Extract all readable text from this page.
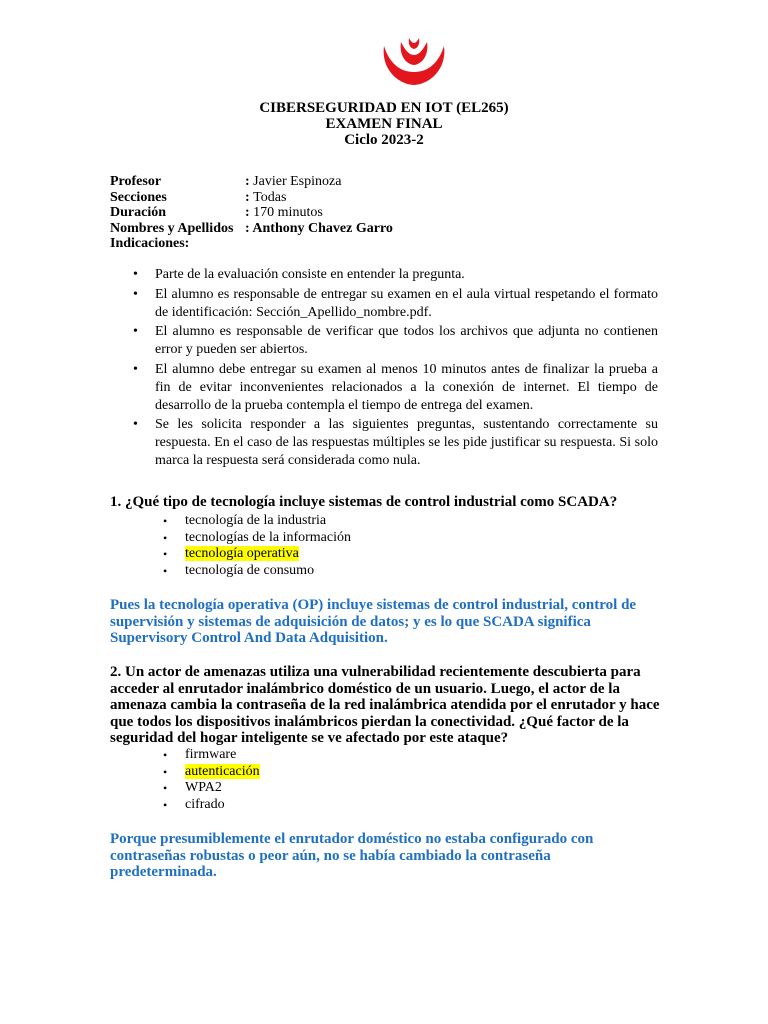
CIBERSEGURIDAD EN IOT (EL265)
EXAMEN FINAL
Ciclo 2023-2
Profesor	: Javier Espinoza
Secciones	: Todas
Duración	: 170 minutos
Nombres y Apellidos	: Anthony Chavez Garro
Indicaciones:
• Parte de la evaluación consiste en entender la pregunta.
• El alumno es responsable de entregar su examen en el aula virtual respetando el formato de identificación: Sección_Apellido_nombre.pdf.
• El alumno es responsable de verificar que todos los archivos que adjunta no contienen error y pueden ser abiertos.
• El alumno debe entregar su examen al menos 10 minutos antes de finalizar la prueba a fin de evitar inconvenientes relacionados a la conexión de internet. El tiempo de desarrollo de la prueba contempla el tiempo de entrega del examen.
• Se les solicita responder a las siguientes preguntas, sustentando correctamente su respuesta. En el caso de las respuestas múltiples se les pide justificar su respuesta. Si solo marca la respuesta será considerada como nula.
1. ¿Qué tipo de tecnología incluye sistemas de control industrial como SCADA?
• tecnología de la industria
• tecnologías de la información
• tecnología operativa
• tecnología de consumo
Pues la tecnología operativa (OP) incluye sistemas de control industrial, control de supervisión y sistemas de adquisición de datos; y es lo que SCADA significa Supervisory Control And Data Adquisition.
2. Un actor de amenazas utiliza una vulnerabilidad recientemente descubierta para acceder al enrutador inalámbrico doméstico de un usuario. Luego, el actor de la amenaza cambia la contraseña de la red inalámbrica atendida por el enrutador y hace que todos los dispositivos inalámbricos pierdan la conectividad. ¿Qué factor de la seguridad del hogar inteligente se ve afectado por este ataque?
• firmware
• autenticación
• WPA2
• cifrado
Porque presumiblemente el enrutador doméstico no estaba configurado con contraseñas robustas o peor aún, no se había cambiado la contraseña predeterminada.
